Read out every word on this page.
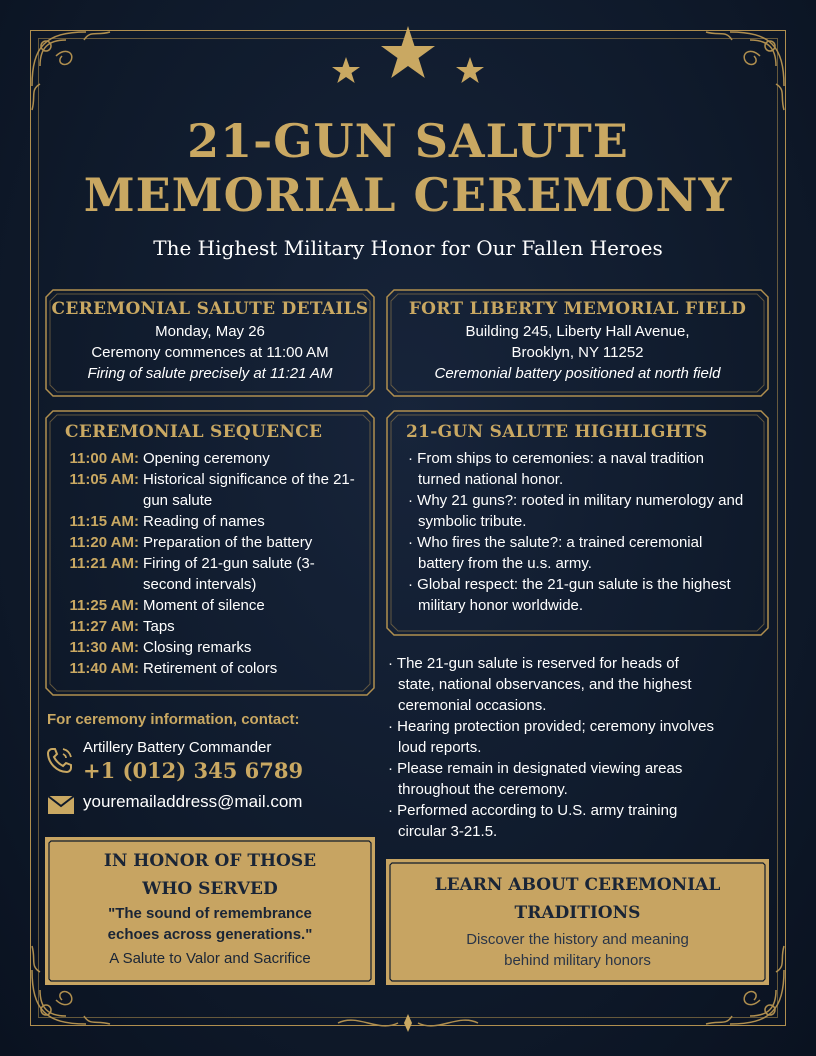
21-GUN SALUTE
MEMORIAL CEREMONY
The Highest Military Honor for Our Fallen Heroes
CEREMONIAL SALUTE DETAILS
Monday, May 26
Ceremony commences at 11:00 AM
Firing of salute precisely at 11:21 AM
FORT LIBERTY MEMORIAL FIELD
Building 245, Liberty Hall Avenue,
Brooklyn, NY 11252
Ceremonial battery positioned at north field
CEREMONIAL SEQUENCE
11:00 AM: Opening ceremony
11:05 AM: Historical significance of the 21-gun salute
11:15 AM: Reading of names
11:20 AM: Preparation of the battery
11:21 AM: Firing of 21-gun salute (3-second intervals)
11:25 AM: Moment of silence
11:27 AM: Taps
11:30 AM: Closing remarks
11:40 AM: Retirement of colors
21-GUN SALUTE HIGHLIGHTS
· From ships to ceremonies: a naval tradition turned national honor.
· Why 21 guns?: rooted in military numerology and symbolic tribute.
· Who fires the salute?: a trained ceremonial battery from the u.s. army.
· Global respect: the 21-gun salute is the highest military honor worldwide.
· The 21-gun salute is reserved for heads of state, national observances, and the highest ceremonial occasions.
· Hearing protection provided; ceremony involves loud reports.
· Please remain in designated viewing areas throughout the ceremony.
· Performed according to U.S. army training circular 3-21.5.
For ceremony information, contact:
Artillery Battery Commander
+1 (012) 345 6789
youremailaddress@mail.com
IN HONOR OF THOSE
WHO SERVED
"The sound of remembrance
echoes across generations."
A Salute to Valor and Sacrifice
LEARN ABOUT CEREMONIAL
TRADITIONS
Discover the history and meaning
behind military honors
